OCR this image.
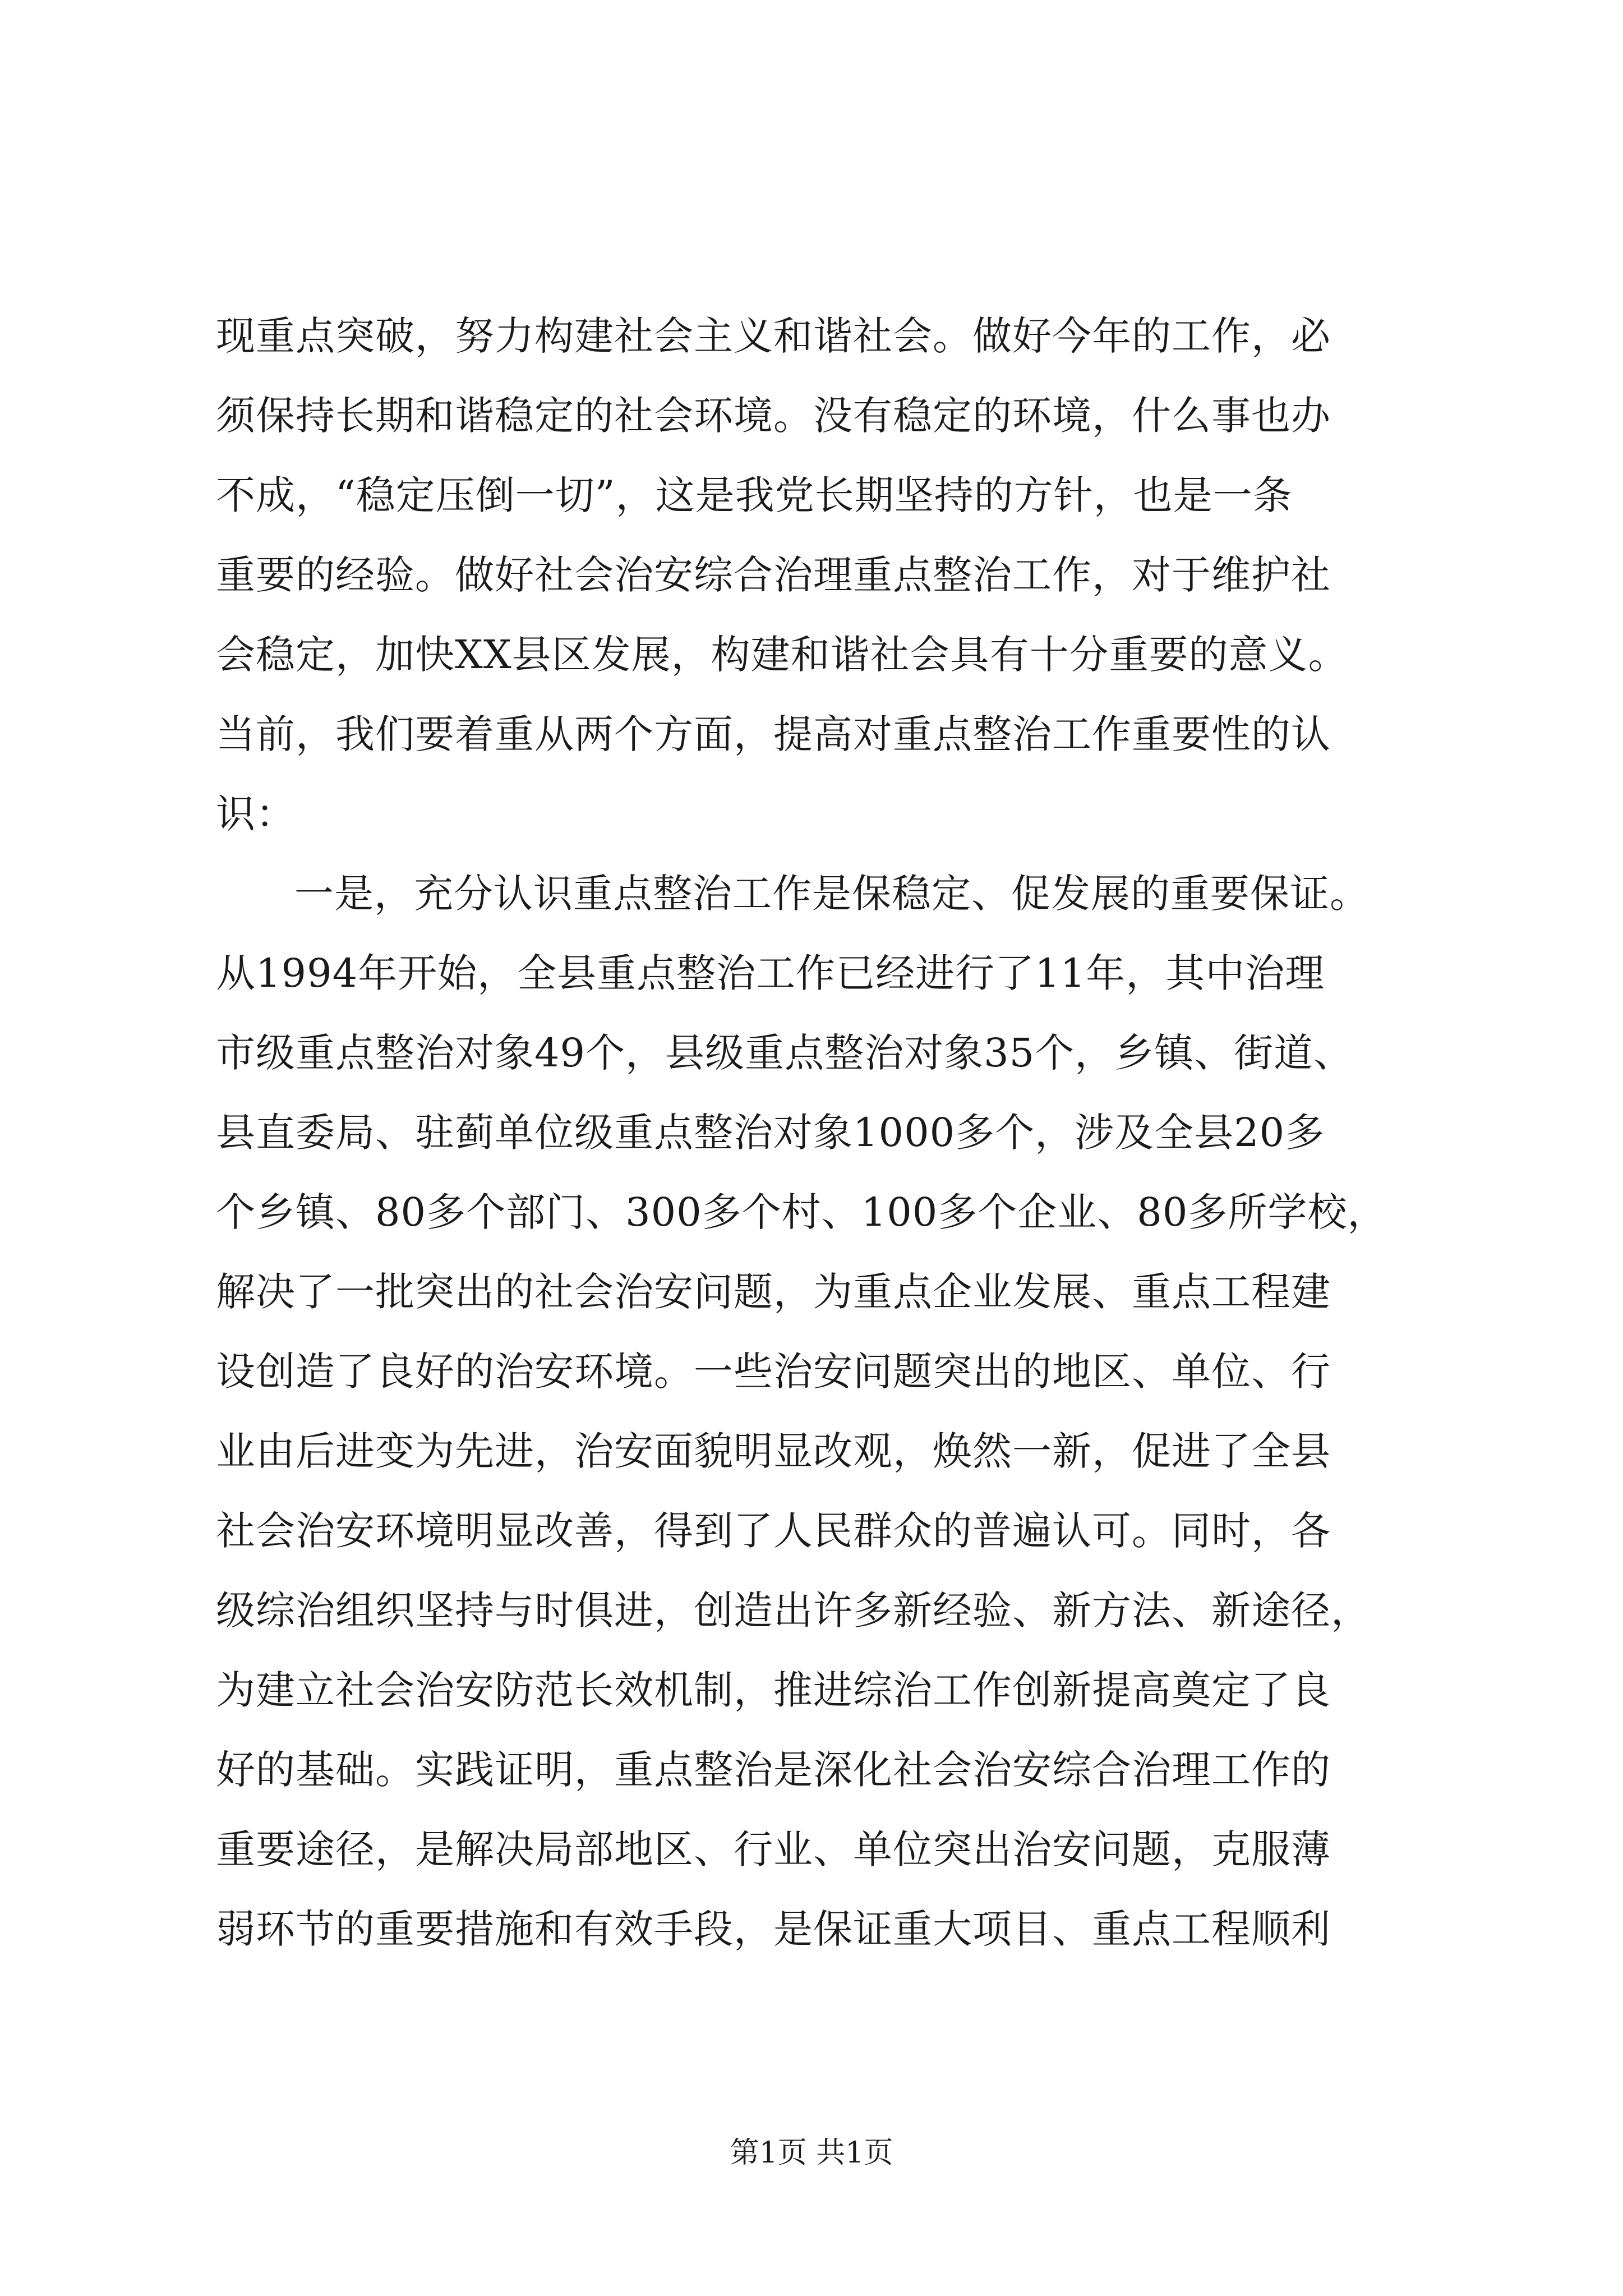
现重点突破，努力构建社会主义和谐社会。做好今年的工作，必
须保持长期和谐稳定的社会环境。没有稳定的环境，什么事也办
不成，“稳定压倒一切”，这是我党长期坚持的方针，也是一条
重要的经验。做好社会治安综合治理重点整治工作，对于维护社
会稳定，加快XX县区发展，构建和谐社会具有十分重要的意义。
当前，我们要着重从两个方面，提高对重点整治工作重要性的认
识：
一是，充分认识重点整治工作是保稳定、促发展的重要保证。
从1994年开始，全县重点整治工作已经进行了11年，其中治理
市级重点整治对象49个，县级重点整治对象35个，乡镇、街道、
县直委局、驻蓟单位级重点整治对象1000多个，涉及全县20多
个乡镇、80多个部门、300多个村、100多个企业、80多所学校，
解决了一批突出的社会治安问题，为重点企业发展、重点工程建
设创造了良好的治安环境。一些治安问题突出的地区、单位、行
业由后进变为先进，治安面貌明显改观，焕然一新，促进了全县
社会治安环境明显改善，得到了人民群众的普遍认可。同时，各
级综治组织坚持与时俱进，创造出许多新经验、新方法、新途径，
为建立社会治安防范长效机制，推进综治工作创新提高奠定了良
好的基础。实践证明，重点整治是深化社会治安综合治理工作的
重要途径，是解决局部地区、行业、单位突出治安问题，克服薄
弱环节的重要措施和有效手段，是保证重大项目、重点工程顺利
第1页 共1页
